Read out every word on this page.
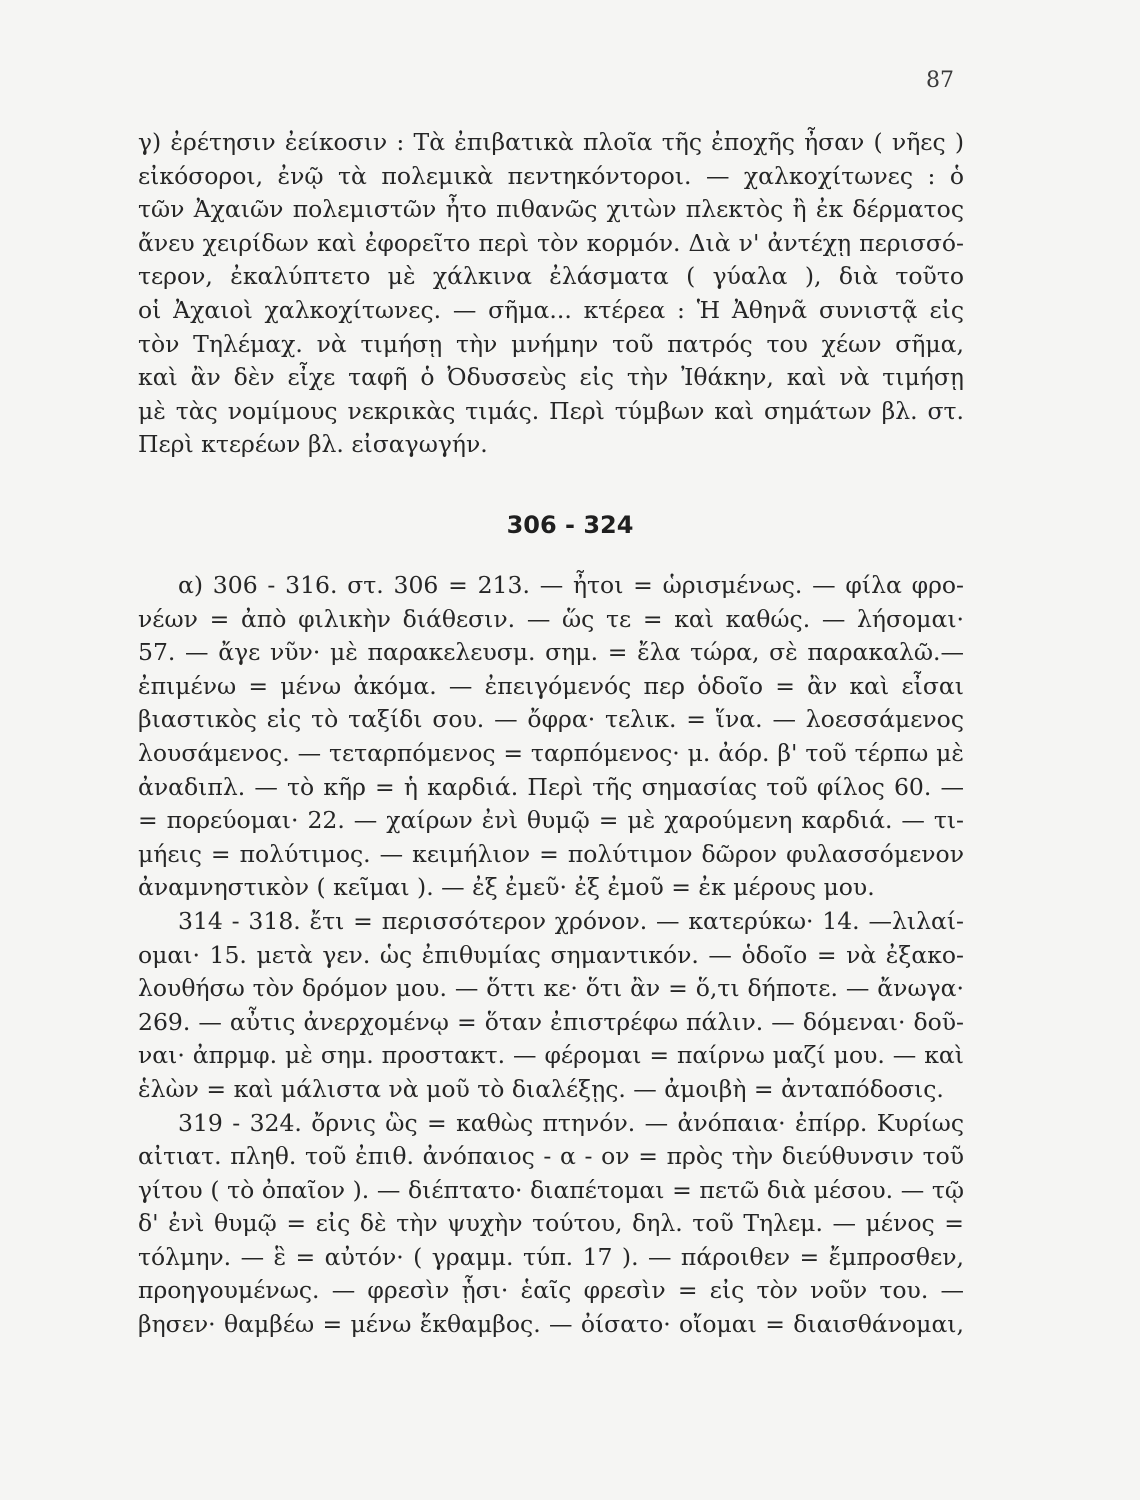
87
γ) ἐρέτησιν ἐείκοσιν : Τὰ ἐπιβατικὰ πλοῖα τῆς ἐποχῆς ἦσαν ( νῆες )
εἰκόσοροι, ἐνῷ τὰ πολεμικὰ πεντηκόντοροι. — χαλκοχίτωνες : ὁ
τῶν Ἀχαιῶν πολεμιστῶν ἦτο πιθανῶς χιτὼν πλεκτὸς ἢ ἐκ δέρματος
ἄνευ χειρίδων καὶ ἐφορεῖτο περὶ τὸν κορμόν. Διὰ ν' ἀντέχῃ περισσό-
τερον, ἐκαλύπτετο μὲ χάλκινα ἐλάσματα ( γύαλα ), διὰ τοῦτο
οἱ Ἀχαιοὶ χαλκοχίτωνες. — σῆμα... κτέρεα : Ἡ Ἀθηνᾶ συνιστᾷ εἰς
τὸν Τηλέμαχ. νὰ τιμήσῃ τὴν μνήμην τοῦ πατρός του χέων σῆμα,
καὶ ἂν δὲν εἶχε ταφῆ ὁ Ὀδυσσεὺς εἰς τὴν Ἰθάκην, καὶ νὰ τιμήσῃ
μὲ τὰς νομίμους νεκρικὰς τιμάς. Περὶ τύμβων καὶ σημάτων βλ. στ.
Περὶ κτερέων βλ. εἰσαγωγήν.
306 - 324
α) 306 - 316. στ. 306 = 213. — ἦτοι = ὡρισμένως. — φίλα φρο-
νέων = ἀπὸ φιλικὴν διάθεσιν. — ὥς τε = καὶ καθώς. — λήσομαι·
57. — ἄγε νῦν· μὲ παρακελευσμ. σημ. = ἔλα τώρα, σὲ παρακαλῶ.—
ἐπιμένω = μένω ἀκόμα. — ἐπειγόμενός περ ὁδοῖο = ἂν καὶ εἶσαι
βιαστικὸς εἰς τὸ ταξίδι σου. — ὄφρα· τελικ. = ἵνα. — λοεσσάμενος
λουσάμενος. — τεταρπόμενος = ταρπόμενος· μ. ἀόρ. β' τοῦ τέρπω μὲ
ἀναδιπλ. — τὸ κῆρ = ἡ καρδιά. Περὶ τῆς σημασίας τοῦ φίλος 60. —
= πορεύομαι· 22. — χαίρων ἐνὶ θυμῷ = μὲ χαρούμενη καρδιά. — τι-
μήεις = πολύτιμος. — κειμήλιον = πολύτιμον δῶρον φυλασσόμενον
ἀναμνηστικὸν ( κεῖμαι ). — ἐξ ἐμεῦ· ἐξ ἐμοῦ = ἐκ μέρους μου.
314 - 318. ἔτι = περισσότερον χρόνον. — κατερύκω· 14. —λιλαί-
ομαι· 15. μετὰ γεν. ὡς ἐπιθυμίας σημαντικόν. — ὁδοῖο = νὰ ἐξακο-
λουθήσω τὸν δρόμον μου. — ὅττι κε· ὅτι ἂν = ὅ,τι δήποτε. — ἄνωγα·
269. — αὖτις ἀνερχομένῳ = ὅταν ἐπιστρέφω πάλιν. — δόμεναι· δοῦ-
ναι· ἀπρμφ. μὲ σημ. προστακτ. — φέρομαι = παίρνω μαζί μου. — καὶ
ἑλὼν = καὶ μάλιστα νὰ μοῦ τὸ διαλέξῃς. — ἀμοιβὴ = ἀνταπόδοσις.
319 - 324. ὄρνις ὣς = καθὼς πτηνόν. — ἀνόπαια· ἐπίρρ. Κυρίως
αἰτιατ. πληθ. τοῦ ἐπιθ. ἀνόπαιος - α - ον = πρὸς τὴν διεύθυνσιν τοῦ
γίτου ( τὸ ὀπαῖον ). — διέπτατο· διαπέτομαι = πετῶ διὰ μέσου. — τῷ
δ' ἐνὶ θυμῷ = εἰς δὲ τὴν ψυχὴν τούτου, δηλ. τοῦ Τηλεμ. — μένος =
τόλμην. — ἓ = αὐτόν· ( γραμμ. τύπ. 17 ). — πάροιθεν = ἔμπροσθεν,
προηγουμένως. — φρεσὶν ᾗσι· ἑαῖς φρεσὶν = εἰς τὸν νοῦν του. —
βησεν· θαμβέω = μένω ἔκθαμβος. — ὀίσατο· οἴομαι = διαισθάνομαι,
